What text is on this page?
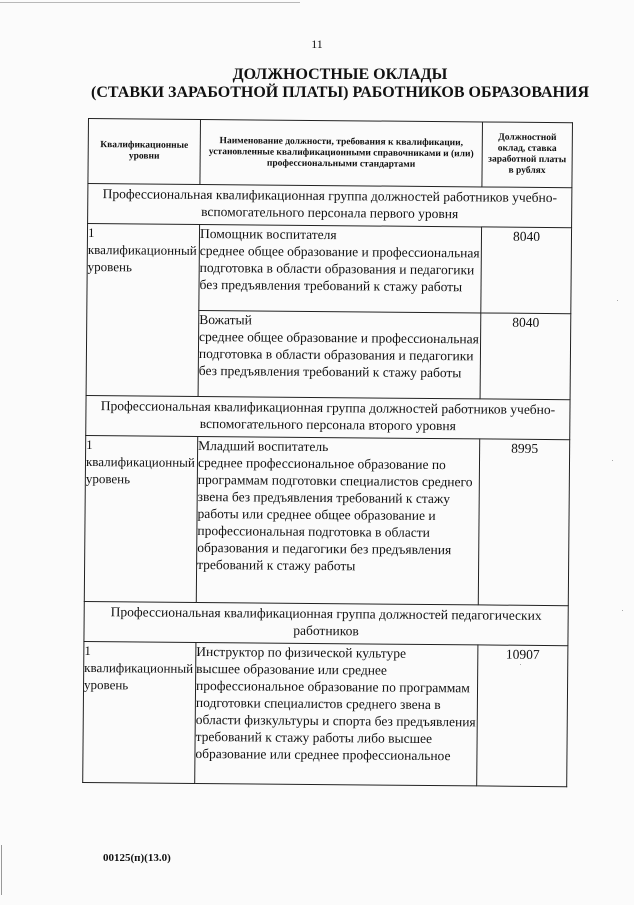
11
ДОЛЖНОСТНЫЕ ОКЛАДЫ
(СТАВКИ ЗАРАБОТНОЙ ПЛАТЫ) РАБОТНИКОВ ОБРАЗОВАНИЯ
Квалификационные уровни	Наименование должности, требования к квалификации, установленные квалификационными справочниками и (или) профессиональными стандартами	Должностной оклад, ставка заработной платы в рублях
Профессиональная квалификационная группа должностей работников учебно-вспомогательного персонала первого уровня		
1 квалификационный уровень	Помощник воспитателя
среднее общее образование и профессиональная подготовка в области образования и педагогики без предъявления требований к стажу работы	8040

	Вожатый
среднее общее образование и профессиональная подготовка в области образования и педагогики без предъявления требований к стажу работы	8040
Профессиональная квалификационная группа должностей работников учебно-вспомогательного персонала второго уровня		
1 квалификационный уровень	Младший воспитатель
среднее профессиональное образование по программам подготовки специалистов среднего звена без предъявления требований к стажу работы или среднее общее образование и профессиональная подготовка в области образования и педагогики без предъявления требований к стажу работы	8995
Профессиональная квалификационная группа должностей педагогических работников		
1 квалификационный уровень	Инструктор по физической культуре
высшее образование или среднее профессиональное образование по программам подготовки специалистов среднего звена в области физкультуры и спорта без предъявления требований к стажу работы либо высшее образование или среднее профессиональное	10907
00125(п)(13.0)
